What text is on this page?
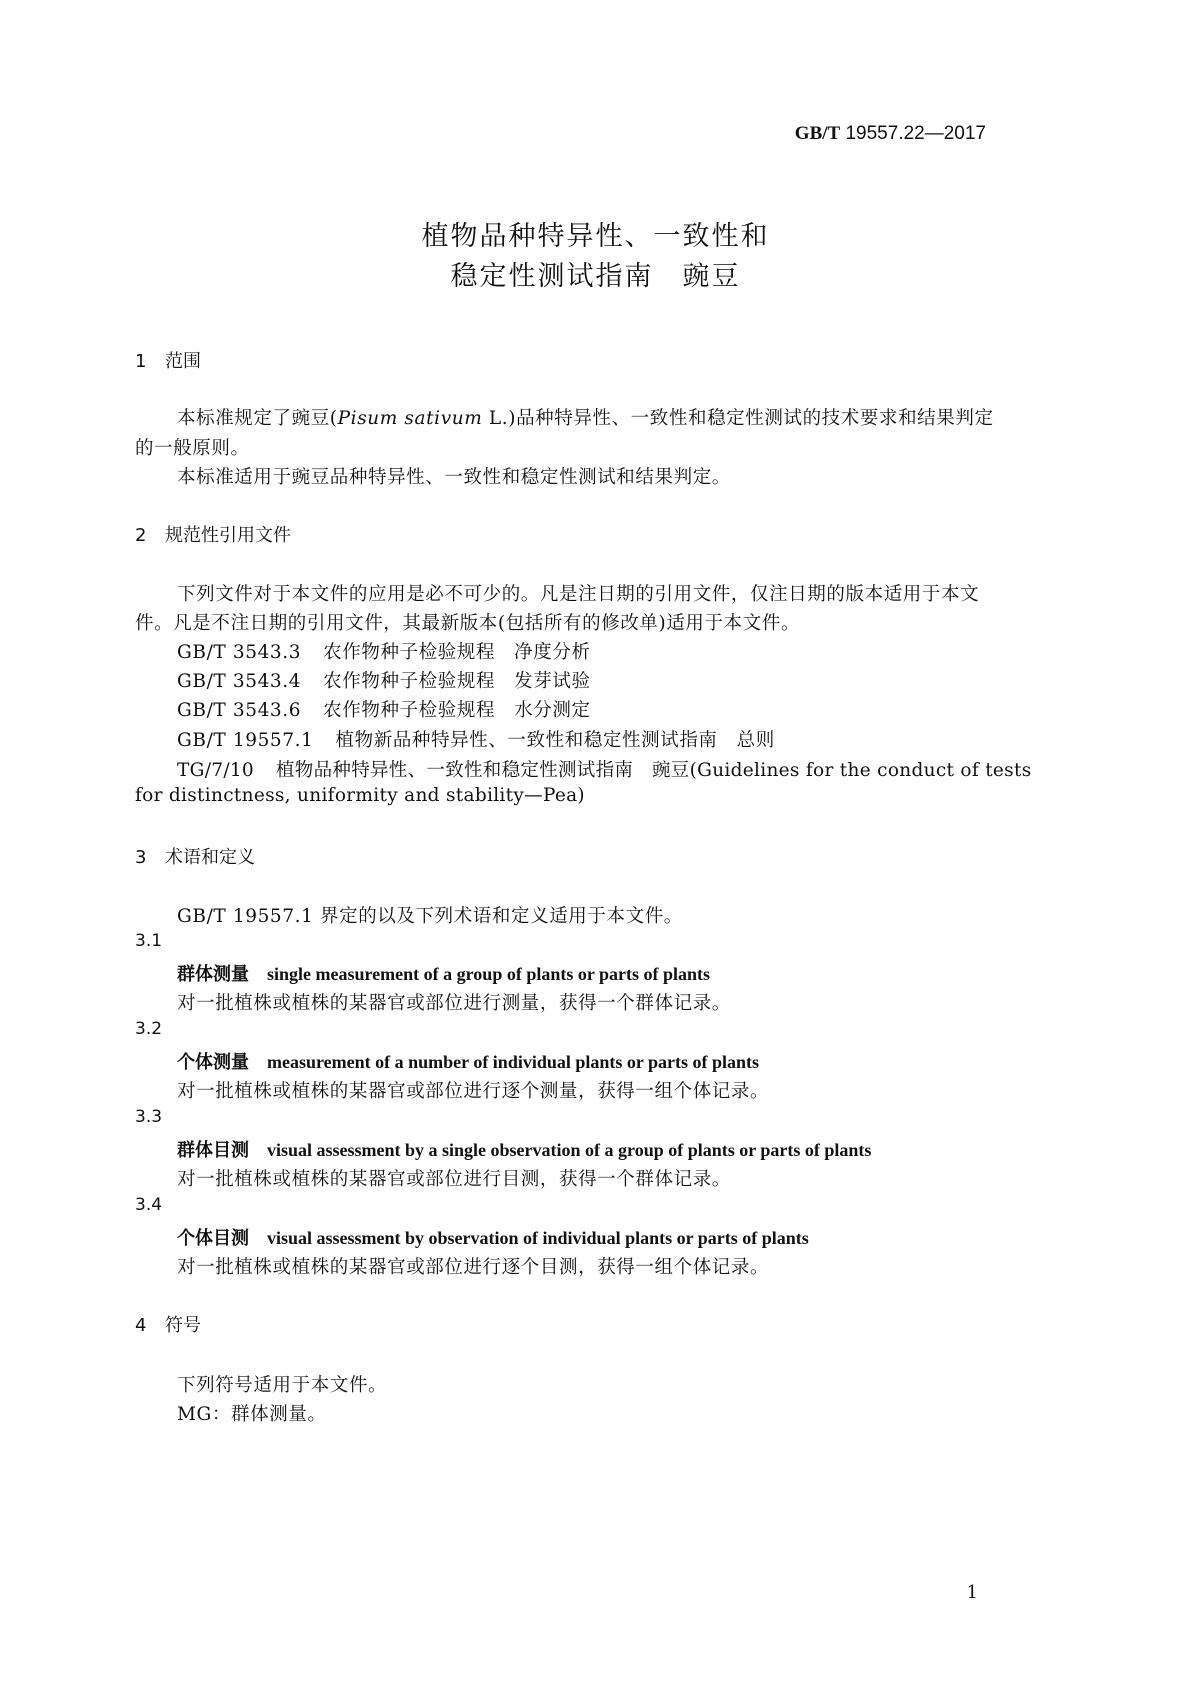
GB/T 19557.22—2017
植物品种特异性、一致性和
稳定性测试指南　豌豆
1 范围
本标准规定了豌豆(Pisum sativum L.)品种特异性、一致性和稳定性测试的技术要求和结果判定
的一般原则。
本标准适用于豌豆品种特异性、一致性和稳定性测试和结果判定。
2 规范性引用文件
下列文件对于本文件的应用是必不可少的。凡是注日期的引用文件，仅注日期的版本适用于本文
件。凡是不注日期的引用文件，其最新版本(包括所有的修改单)适用于本文件。
GB/T 3543.3 农作物种子检验规程　净度分析
GB/T 3543.4 农作物种子检验规程　发芽试验
GB/T 3543.6 农作物种子检验规程　水分测定
GB/T 19557.1 植物新品种特异性、一致性和稳定性测试指南　总则
TG/7/10 植物品种特异性、一致性和稳定性测试指南　豌豆(Guidelines for the conduct of tests
for distinctness, uniformity and stability—Pea)
3 术语和定义
GB/T 19557.1 界定的以及下列术语和定义适用于本文件。
3.1
群体测量 single measurement of a group of plants or parts of plants
对一批植株或植株的某器官或部位进行测量，获得一个群体记录。
3.2
个体测量 measurement of a number of individual plants or parts of plants
对一批植株或植株的某器官或部位进行逐个测量，获得一组个体记录。
3.3
群体目测 visual assessment by a single observation of a group of plants or parts of plants
对一批植株或植株的某器官或部位进行目测，获得一个群体记录。
3.4
个体目测 visual assessment by observation of individual plants or parts of plants
对一批植株或植株的某器官或部位进行逐个目测，获得一组个体记录。
4 符号
下列符号适用于本文件。
MG：群体测量。
1
